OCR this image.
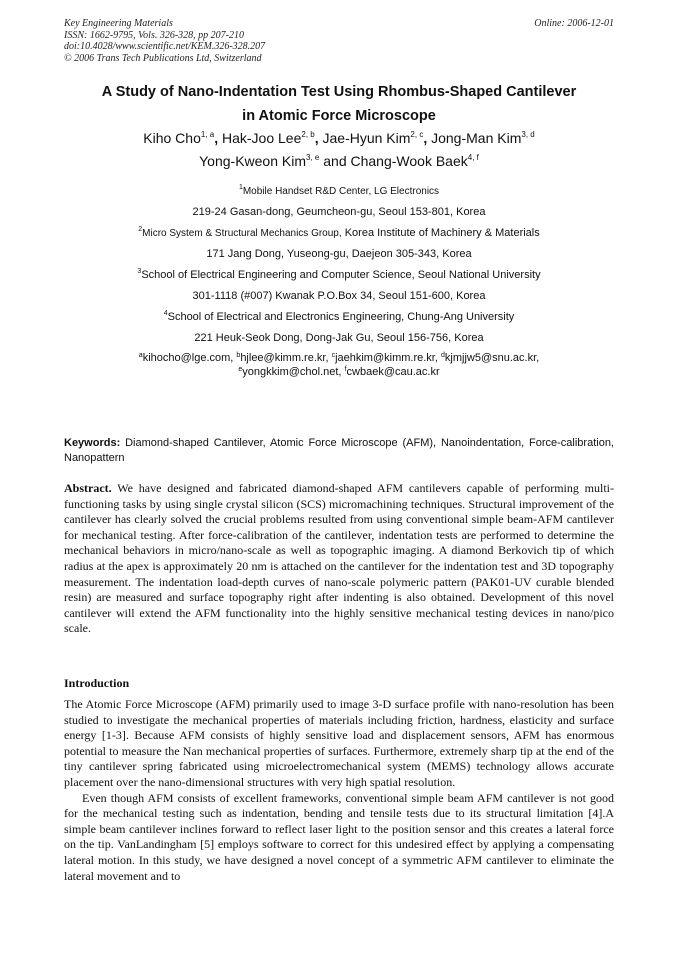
Key Engineering Materials
ISSN: 1662-9795, Vols. 326-328, pp 207-210
doi:10.4028/www.scientific.net/KEM.326-328.207
© 2006 Trans Tech Publications Ltd, Switzerland
Online: 2006-12-01
A Study of Nano-Indentation Test Using Rhombus-Shaped Cantilever
in Atomic Force Microscope
Kiho Cho$^{1, a}$, Hak-Joo Lee$^{2, b}$, Jae-Hyun Kim$^{2, c}$, Jong-Man Kim$^{3, d}$
Yong-Kweon Kim$^{3, e}$ and Chang-Wook Baek$^{4, f}$
$^1$Mobile Handset R&D Center, LG Electronics
219-24 Gasan-dong, Geumcheon-gu, Seoul 153-801, Korea
$^2$Micro System & Structural Mechanics Group, Korea Institute of Machinery & Materials
171 Jang Dong, Yuseong-gu, Daejeon 305-343, Korea
$^3$School of Electrical Engineering and Computer Science, Seoul National University
301-1118 (#007) Kwanak P.O.Box 34, Seoul 151-600, Korea
$^4$School of Electrical and Electronics Engineering, Chung-Ang University
221 Heuk-Seok Dong, Dong-Jak Gu, Seoul 156-756, Korea
$^a$kihocho@lge.com, $^b$hjlee@kimm.re.kr, $^c$jaehkim@kimm.re.kr, $^d$kjmjjw5@snu.ac.kr,
$^e$yongkkim@chol.net, $^f$cwbaek@cau.ac.kr
Keywords: Diamond-shaped Cantilever, Atomic Force Microscope (AFM), Nanoindentation, Force-calibration, Nanopattern
Abstract. We have designed and fabricated diamond-shaped AFM cantilevers capable of performing multi-functioning tasks by using single crystal silicon (SCS) micromachining techniques. Structural improvement of the cantilever has clearly solved the crucial problems resulted from using conventional simple beam-AFM cantilever for mechanical testing. After force-calibration of the cantilever, indentation tests are performed to determine the mechanical behaviors in micro/nano-scale as well as topographic imaging. A diamond Berkovich tip of which radius at the apex is approximately 20 nm is attached on the cantilever for the indentation test and 3D topography measurement. The indentation load-depth curves of nano-scale polymeric pattern (PAK01-UV curable blended resin) are measured and surface topography right after indenting is also obtained. Development of this novel cantilever will extend the AFM functionality into the highly sensitive mechanical testing devices in nano/pico scale.
Introduction

The Atomic Force Microscope (AFM) primarily used to image 3-D surface profile with nano-resolution has been studied to investigate the mechanical properties of materials including friction, hardness, elasticity and surface energy [1-3]. Because AFM consists of highly sensitive load and displacement sensors, AFM has enormous potential to measure the Nan mechanical properties of surfaces. Furthermore, extremely sharp tip at the end of the tiny cantilever spring fabricated using microelectromechanical system (MEMS) technology allows accurate placement over the nano-dimensional structures with very high spatial resolution.

Even though AFM consists of excellent frameworks, conventional simple beam AFM cantilever is not good for the mechanical testing such as indentation, bending and tensile tests due to its structural limitation [4].A simple beam cantilever inclines forward to reflect laser light to the position sensor and this creates a lateral force on the tip. VanLandingham [5] employs software to correct for this undesired effect by applying a compensating lateral motion. In this study, we have designed a novel concept of a symmetric AFM cantilever to eliminate the lateral movement and to
